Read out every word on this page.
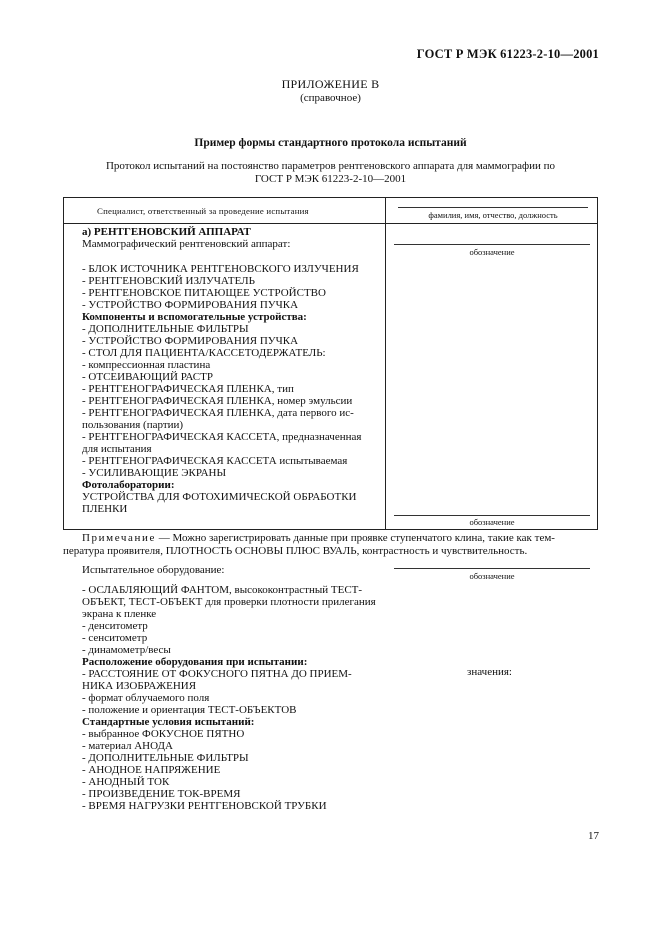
ГОСТ Р МЭК 61223-2-10—2001
ПРИЛОЖЕНИЕ В
(справочное)
Пример формы стандартного протокола испытаний
Протокол испытаний на постоянство параметров рентгеновского аппарата для маммографии по
ГОСТ Р МЭК 61223-2-10—2001
Специалист, ответственный за проведение испытания	фамилия, имя, отчество, должность
а) РЕНТГЕНОВСКИЙ АППАРАТ
Маммографический рентгеновский аппарат:
обозначение
- БЛОК ИСТОЧНИКА РЕНТГЕНОВСКОГО ИЗЛУЧЕНИЯ
- РЕНТГЕНОВСКИЙ ИЗЛУЧАТЕЛЬ
- РЕНТГЕНОВСКОЕ ПИТАЮЩЕЕ УСТРОЙСТВО
- УСТРОЙСТВО ФОРМИРОВАНИЯ ПУЧКА
Компоненты и вспомогательные устройства:
- ДОПОЛНИТЕЛЬНЫЕ ФИЛЬТРЫ
- УСТРОЙСТВО ФОРМИРОВАНИЯ ПУЧКА
- СТОЛ ДЛЯ ПАЦИЕНТА/КАССЕТОДЕРЖАТЕЛЬ:
- компрессионная пластина
- ОТСЕИВАЮЩИЙ РАСТР
- РЕНТГЕНОГРАФИЧЕСКАЯ ПЛЕНКА, тип
- РЕНТГЕНОГРАФИЧЕСКАЯ ПЛЕНКА, номер эмульсии
- РЕНТГЕНОГРАФИЧЕСКАЯ ПЛЕНКА, дата первого ис-
пользования (партии)
- РЕНТГЕНОГРАФИЧЕСКАЯ КАССЕТА, предназначенная
для испытания
- РЕНТГЕНОГРАФИЧЕСКАЯ КАССЕТА испытываемая
- УСИЛИВАЮЩИЕ ЭКРАНЫ
Фотолаборатории:
УСТРОЙСТВА ДЛЯ ФОТОХИМИЧЕСКОЙ ОБРАБОТКИ
ПЛЕНКИ
обозначение
Примечание — Можно зарегистрировать данные при проявке ступенчатого клина, такие как тем-
пература проявителя, ПЛОТНОСТЬ ОСНОВЫ ПЛЮС ВУАЛЬ, контрастность и чувствительность.
Испытательное оборудование:	обозначение
- ОСЛАБЛЯЮЩИЙ ФАНТОМ, высококонтрастный ТЕСТ-
ОБЪЕКТ, ТЕСТ-ОБЪЕКТ для проверки плотности прилегания
экрана к пленке
- денситометр
- сенситометр
- динамометр/весы
Расположение оборудования при испытании:
- РАССТОЯНИЕ ОТ ФОКУСНОГО ПЯТНА ДО ПРИЕМ-
НИКА ИЗОБРАЖЕНИЯ
- формат облучаемого поля
- положение и ориентация ТЕСТ-ОБЪЕКТОВ
Стандартные условия испытаний:
- выбранное ФОКУСНОЕ ПЯТНО
- материал АНОДА
- ДОПОЛНИТЕЛЬНЫЕ ФИЛЬТРЫ
- АНОДНОЕ НАПРЯЖЕНИЕ
- АНОДНЫЙ ТОК
- ПРОИЗВЕДЕНИЕ ТОК-ВРЕМЯ
- ВРЕМЯ НАГРУЗКИ РЕНТГЕНОВСКОЙ ТРУБКИ
значения:
17
